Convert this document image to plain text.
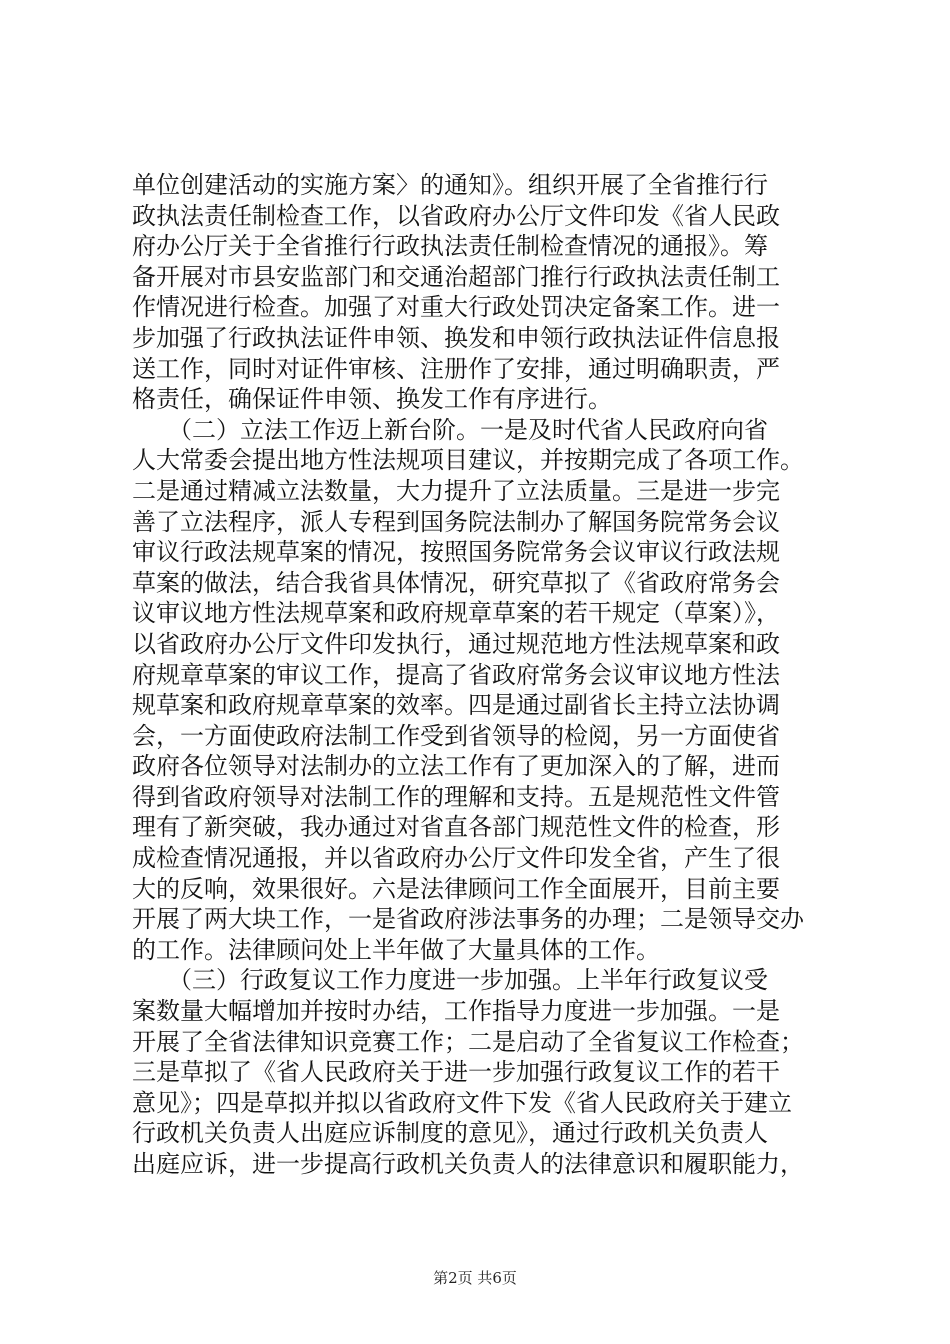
单位创建活动的实施方案〉的通知》。组织开展了全省推行行
政执法责任制检查工作，以省政府办公厅文件印发《省人民政
府办公厅关于全省推行行政执法责任制检查情况的通报》。筹
备开展对市县安监部门和交通治超部门推行行政执法责任制工
作情况进行检查。加强了对重大行政处罚决定备案工作。进一
步加强了行政执法证件申领、换发和申领行政执法证件信息报
送工作，同时对证件审核、注册作了安排，通过明确职责，严
格责任，确保证件申领、换发工作有序进行。
　　（二）立法工作迈上新台阶。一是及时代省人民政府向省
人大常委会提出地方性法规项目建议，并按期完成了各项工作。
二是通过精减立法数量，大力提升了立法质量。三是进一步完
善了立法程序，派人专程到国务院法制办了解国务院常务会议
审议行政法规草案的情况，按照国务院常务会议审议行政法规
草案的做法，结合我省具体情况，研究草拟了《省政府常务会
议审议地方性法规草案和政府规章草案的若干规定（草案）》，
以省政府办公厅文件印发执行，通过规范地方性法规草案和政
府规章草案的审议工作，提高了省政府常务会议审议地方性法
规草案和政府规章草案的效率。四是通过副省长主持立法协调
会，一方面使政府法制工作受到省领导的检阅，另一方面使省
政府各位领导对法制办的立法工作有了更加深入的了解，进而
得到省政府领导对法制工作的理解和支持。五是规范性文件管
理有了新突破，我办通过对省直各部门规范性文件的检查，形
成检查情况通报，并以省政府办公厅文件印发全省，产生了很
大的反响，效果很好。六是法律顾问工作全面展开，目前主要
开展了两大块工作，一是省政府涉法事务的办理；二是领导交办
的工作。法律顾问处上半年做了大量具体的工作。
　　（三）行政复议工作力度进一步加强。上半年行政复议受
案数量大幅增加并按时办结，工作指导力度进一步加强。一是
开展了全省法律知识竞赛工作；二是启动了全省复议工作检查；
三是草拟了《省人民政府关于进一步加强行政复议工作的若干
意见》；四是草拟并拟以省政府文件下发《省人民政府关于建立
行政机关负责人出庭应诉制度的意见》，通过行政机关负责人
出庭应诉，进一步提高行政机关负责人的法律意识和履职能力，
第2页 共6页
